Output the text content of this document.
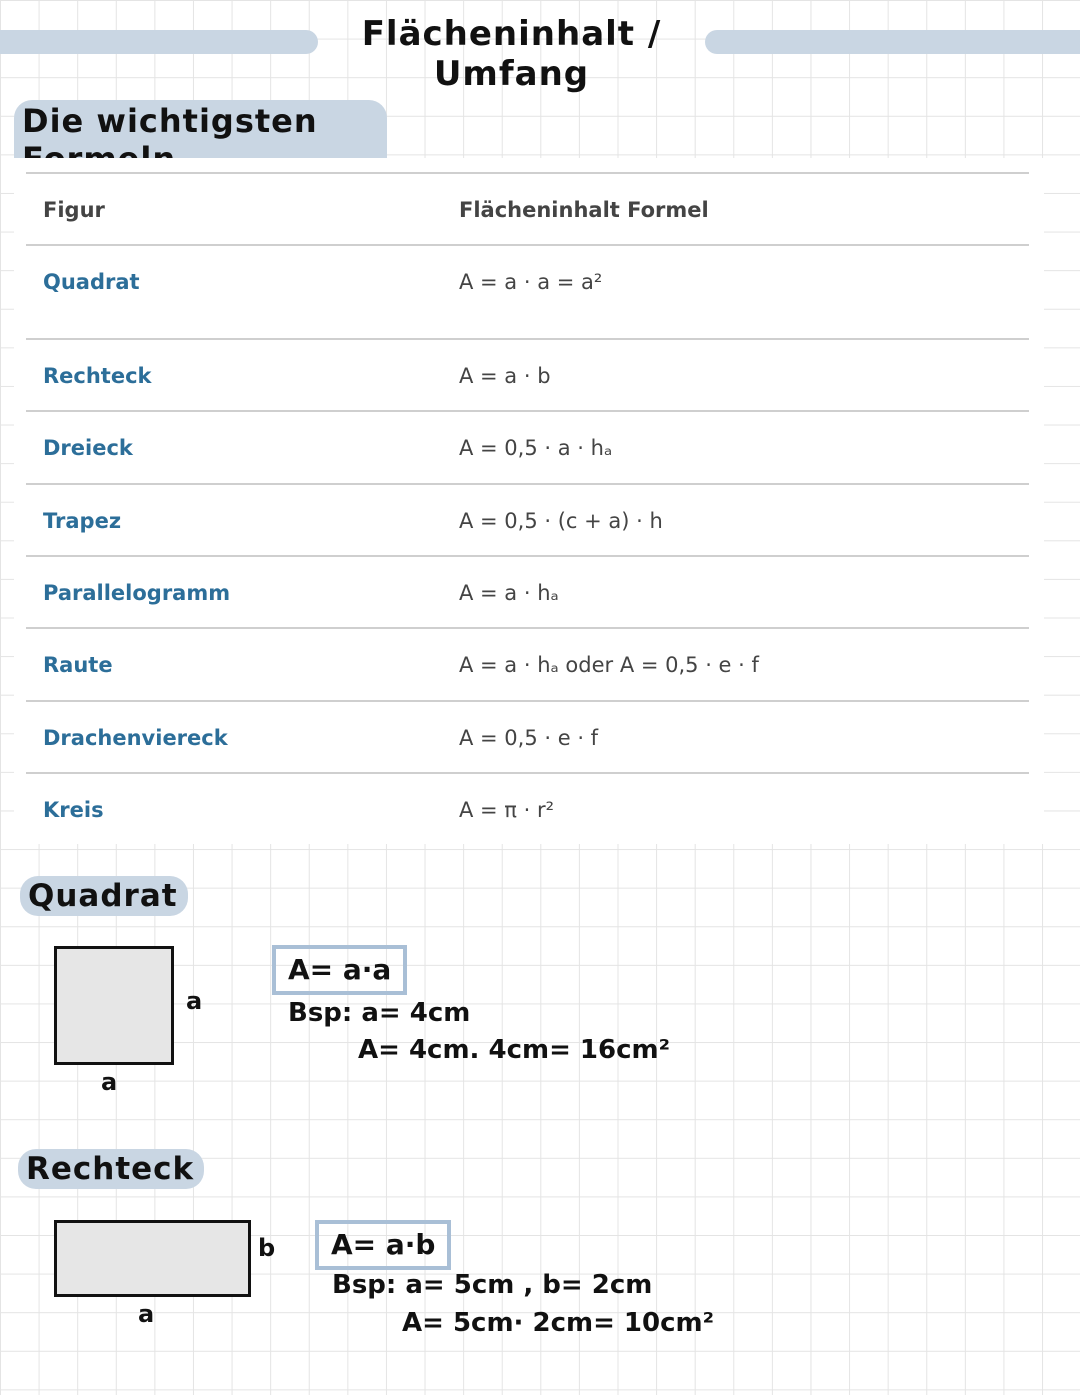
Flächeninhalt / Umfang
Die wichtigsten
Figur	Flächeninhalt Formel
Quadrat	A = a · a = a²
Rechteck	A = a · b
Dreieck	A = 0,5 · a · hₐ
Trapez	A = 0,5 · (c + a) · h
Parallelogramm	A = a · hₐ
Raute	A = a · hₐ oder A = 0,5 · e · f
Drachenviereck	A = 0,5 · e · f
Kreis	A = π · r²
Quadrat
a
a
A= a·a
Bsp: a= 4cm
A= 4cm. 4cm= 16cm²
Rechteck
b
a
A= a·b
Bsp: a= 5cm , b= 2cm
A= 5cm· 2cm= 10cm²
